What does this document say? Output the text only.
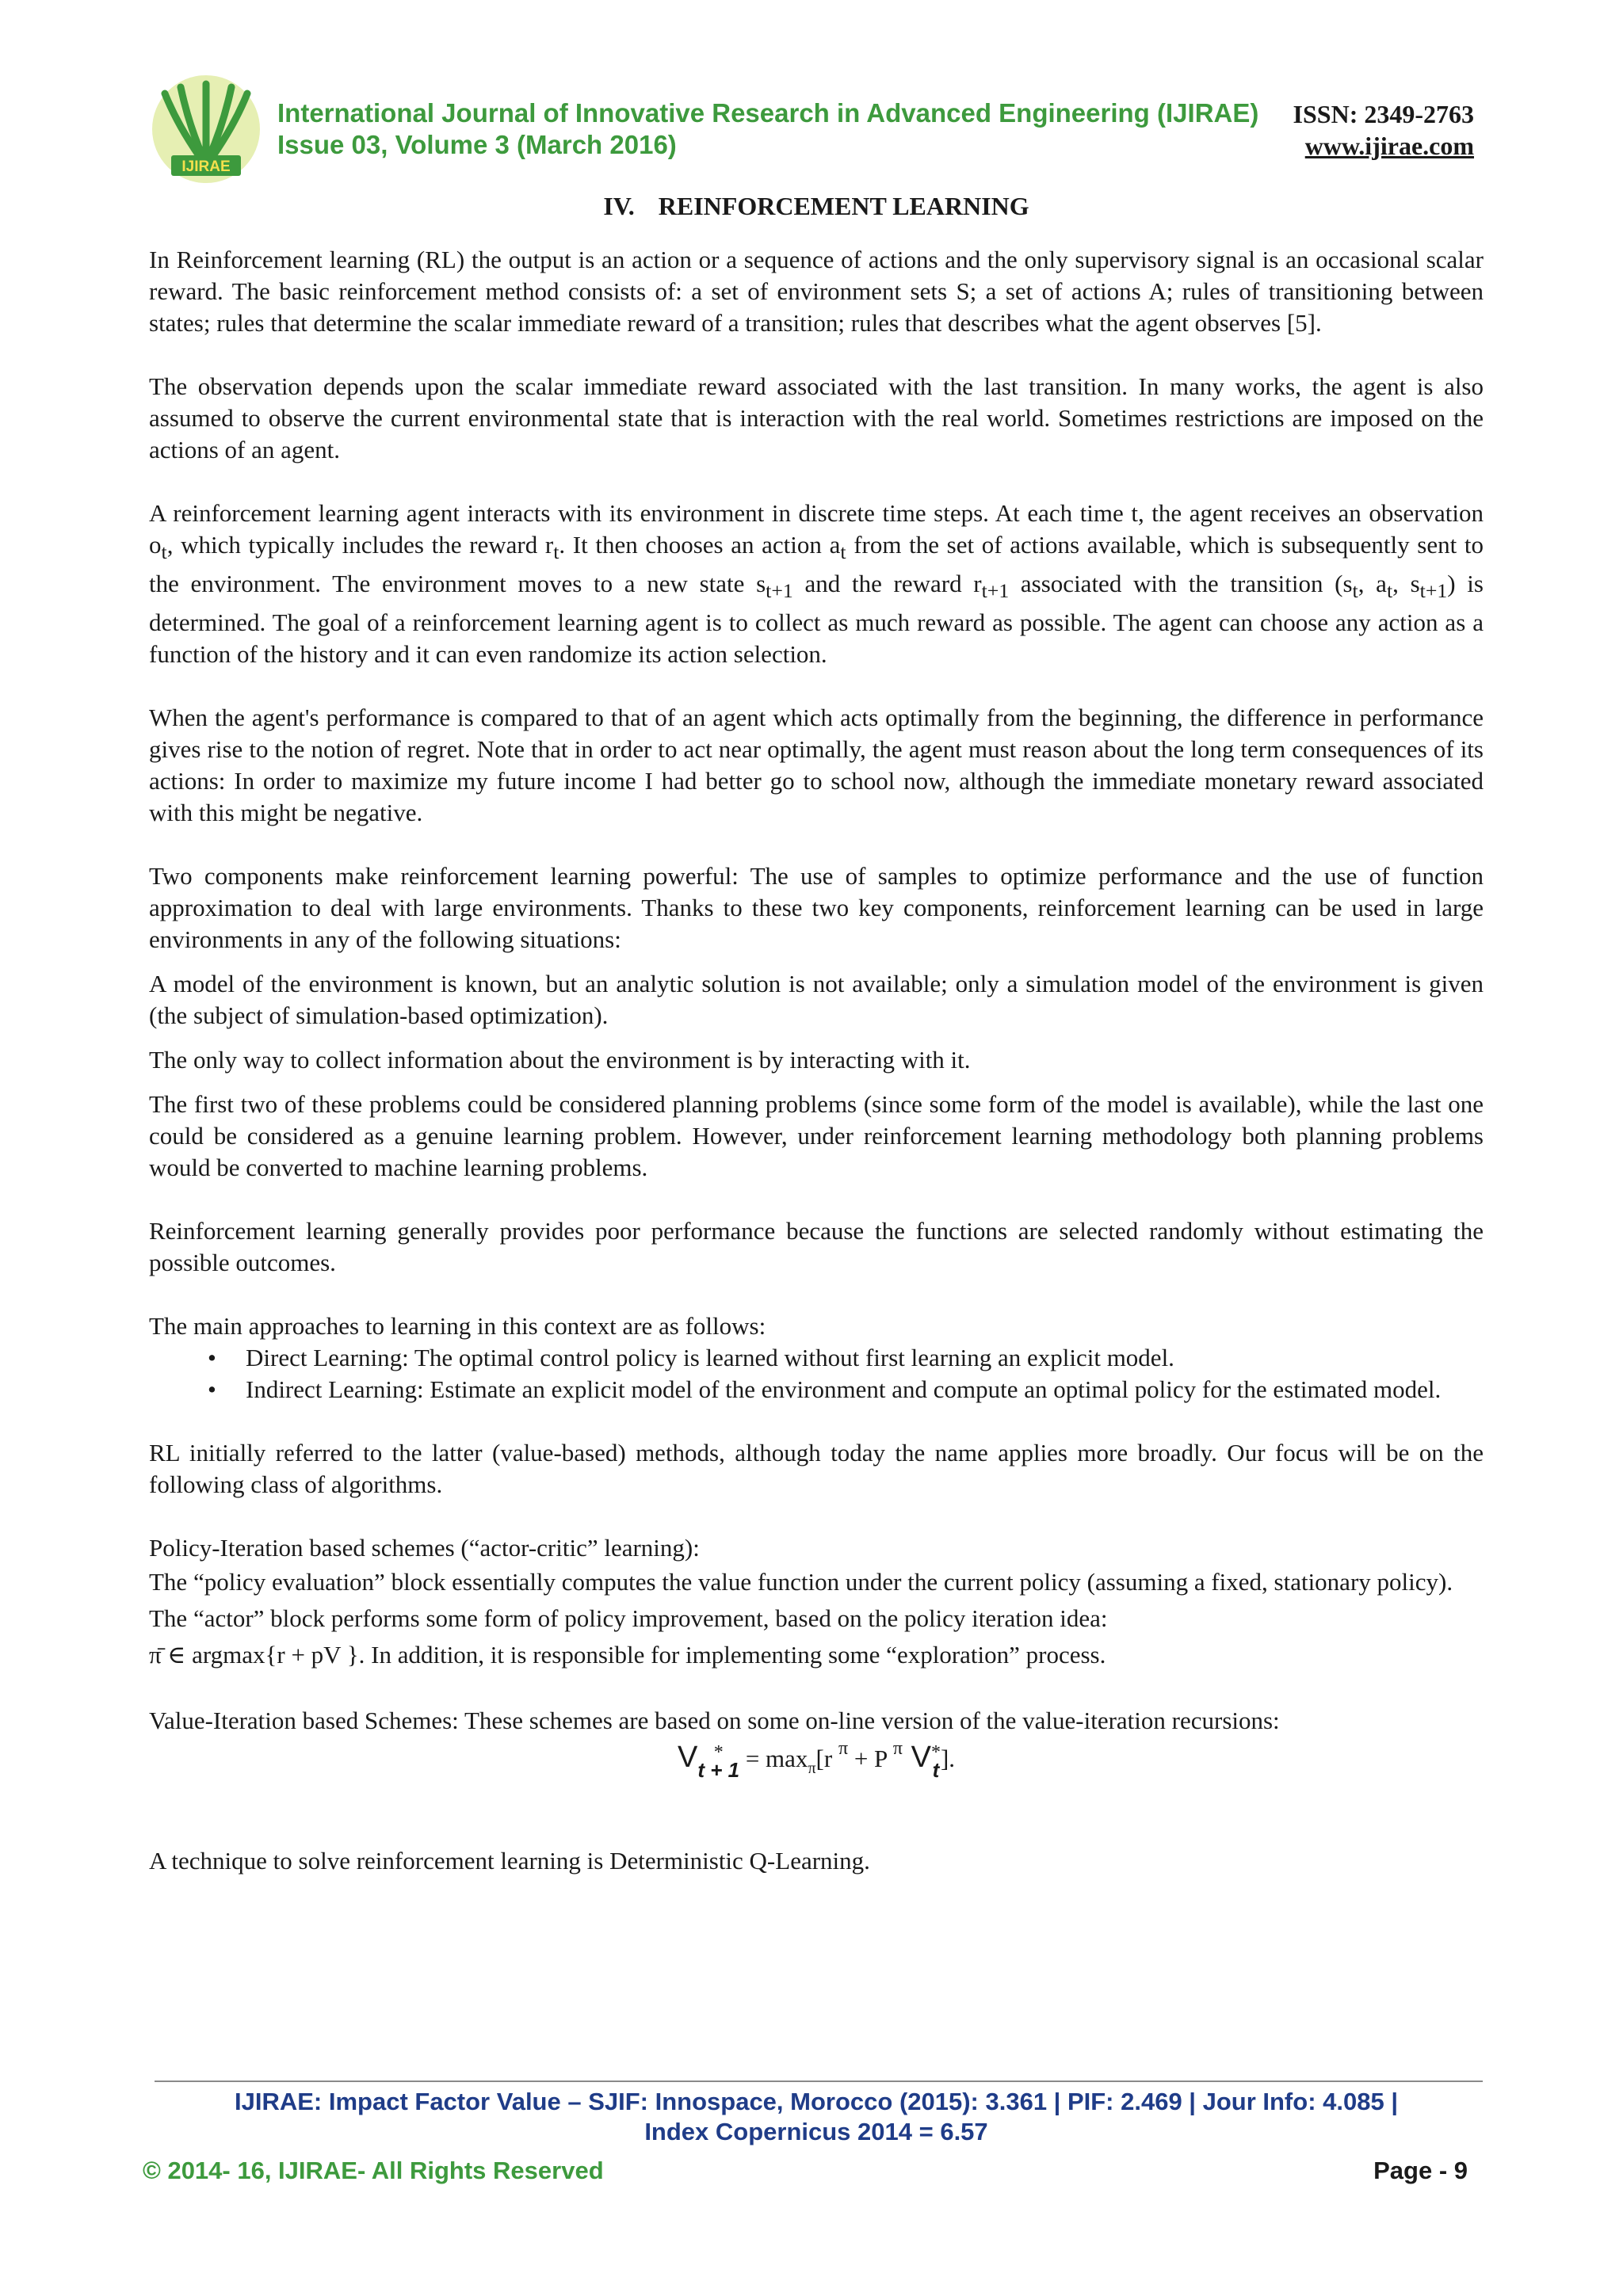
IJIRAE
International Journal of Innovative Research in Advanced Engineering (IJIRAE) ISSN: 2349-2763
Issue 03, Volume 3 (March 2016)	www.ijirae.com
IV. REINFORCEMENT LEARNING

In Reinforcement learning (RL) the output is an action or a sequence of actions and the only supervisory signal is an occasional scalar reward. The basic reinforcement method consists of: a set of environment sets S; a set of actions A; rules of transitioning between states; rules that determine the scalar immediate reward of a transition; rules that describes what the agent observes [5].

The observation depends upon the scalar immediate reward associated with the last transition. In many works, the agent is also assumed to observe the current environmental state that is interaction with the real world. Sometimes restrictions are imposed on the actions of an agent.

A reinforcement learning agent interacts with its environment in discrete time steps. At each time t, the agent receives an observation $o_t$, which typically includes the reward $r_t$. It then chooses an action $a_t$ from the set of actions available, which is subsequently sent to the environment. The environment moves to a new state $s_{t+1}$ and the reward $r_{t+1}$ associated with the transition ($s_t$, $a_t$, $s_{t+1}$) is determined. The goal of a reinforcement learning agent is to collect as much reward as possible. The agent can choose any action as a function of the history and it can even randomize its action selection.

When the agent's performance is compared to that of an agent which acts optimally from the beginning, the difference in performance gives rise to the notion of regret. Note that in order to act near optimally, the agent must reason about the long term consequences of its actions: In order to maximize my future income I had better go to school now, although the immediate monetary reward associated with this might be negative.

Two components make reinforcement learning powerful: The use of samples to optimize performance and the use of function approximation to deal with large environments. Thanks to these two key components, reinforcement learning can be used in large environments in any of the following situations:

A model of the environment is known, but an analytic solution is not available; only a simulation model of the environment is given (the subject of simulation-based optimization).

The only way to collect information about the environment is by interacting with it.

The first two of these problems could be considered planning problems (since some form of the model is available), while the last one could be considered as a genuine learning problem. However, under reinforcement learning methodology both planning problems would be converted to machine learning problems.

Reinforcement learning generally provides poor performance because the functions are selected randomly without estimating the possible outcomes.

The main approaches to learning in this context are as follows:

• Direct Learning: The optimal control policy is learned without first learning an explicit model.
• Indirect Learning: Estimate an explicit model of the environment and compute an optimal policy for the estimated model.

RL initially referred to the latter (value-based) methods, although today the name applies more broadly. Our focus will be on the following class of algorithms.

Policy-Iteration based schemes (“actor-critic” learning):

The “policy evaluation” block essentially computes the value function under the current policy (assuming a fixed, stationary policy).

The “actor” block performs some form of policy improvement, based on the policy iteration idea:

π̄ ∈ argmax{r + pV }. In addition, it is responsible for implementing some “exploration” process.

Value-Iteration based Schemes: These schemes are based on some on-line version of the value-iteration recursions:

V *
$t + 1 = \max_\pi[r$ $^\pi$ + P $^\pi$ V *
t ].

A technique to solve reinforcement learning is Deterministic Q-Learning.

IJIRAE: Impact Factor Value – SJIF: Innospace, Morocco (2015): 3.361 | PIF: 2.469 | Jour Info: 4.085 |
Index Copernicus 2014 = 6.57
© 2014- 16, IJIRAE- All Rights Reserved	Page - 9
